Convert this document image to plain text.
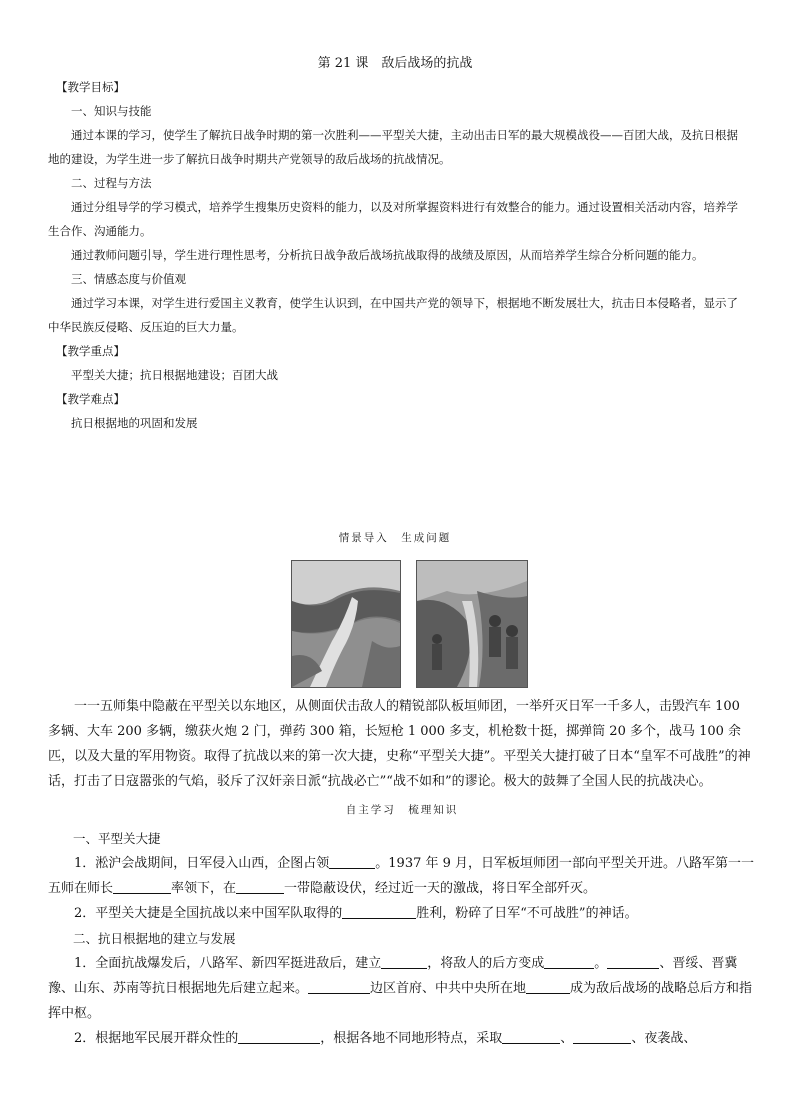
第 21 课　敌后战场的抗战

【教学目标】

一、知识与技能

通过本课的学习，使学生了解抗日战争时期的第一次胜利——平型关大捷，主动出击日军的最大规模战役——百团大战，及抗日根据地的建设，为学生进一步了解抗日战争时期共产党领导的敌后战场的抗战情况。

二、过程与方法

通过分组导学的学习模式，培养学生搜集历史资料的能力，以及对所掌握资料进行有效整合的能力。通过设置相关活动内容，培养学生合作、沟通能力。

通过教师问题引导，学生进行理性思考，分析抗日战争敌后战场抗战取得的战绩及原因，从而培养学生综合分析问题的能力。

三、情感态度与价值观

通过学习本课，对学生进行爱国主义教育，使学生认识到，在中国共产党的领导下，根据地不断发展壮大，抗击日本侵略者，显示了中华民族反侵略、反压迫的巨大力量。

【教学重点】

平型关大捷；抗日根据地建设；百团大战

【教学难点】

抗日根据地的巩固和发展

情景导入　生成问题

一一五师集中隐蔽在平型关以东地区，从侧面伏击敌人的精锐部队板垣师团，一举歼灭日军一千多人，击毁汽车 100 多辆、大车 200 多辆，缴获火炮 2 门，弹药 300 箱，长短枪 1 000 多支，机枪数十挺，掷弹筒 20 多个，战马 100 余匹，以及大量的军用物资。取得了抗战以来的第一次大捷，史称“平型关大捷”。平型关大捷打破了日本“皇军不可战胜”的神话，打击了日寇嚣张的气焰，驳斥了汉奸亲日派“抗战必亡”“战不如和”的谬论。极大的鼓舞了全国人民的抗战决心。

自主学习　梳理知识

一、平型关大捷

1．淞沪会战期间，日军侵入山西，企图占领	。1937 年 9 月，日军板垣师团一部向平型关开进。八路军第一一五师在师长	率领下，在	一带隐蔽设伏，经过近一天的激战，将日军全部歼灭。

2．平型关大捷是全国抗战以来中国军队取得的	胜利，粉碎了日军“不可战胜”的神话。

二、抗日根据地的建立与发展

1．全面抗战爆发后，八路军、新四军挺进敌后，建立	，将敌人的后方变成	。	、晋绥、晋冀豫、山东、苏南等抗日根据地先后建立起来。	边区首府、中共中央所在地	成为敌后战场的战略总后方和指挥中枢。

2．根据地军民展开群众性的	，根据各地不同地形特点，采取	、	、夜袭战、
